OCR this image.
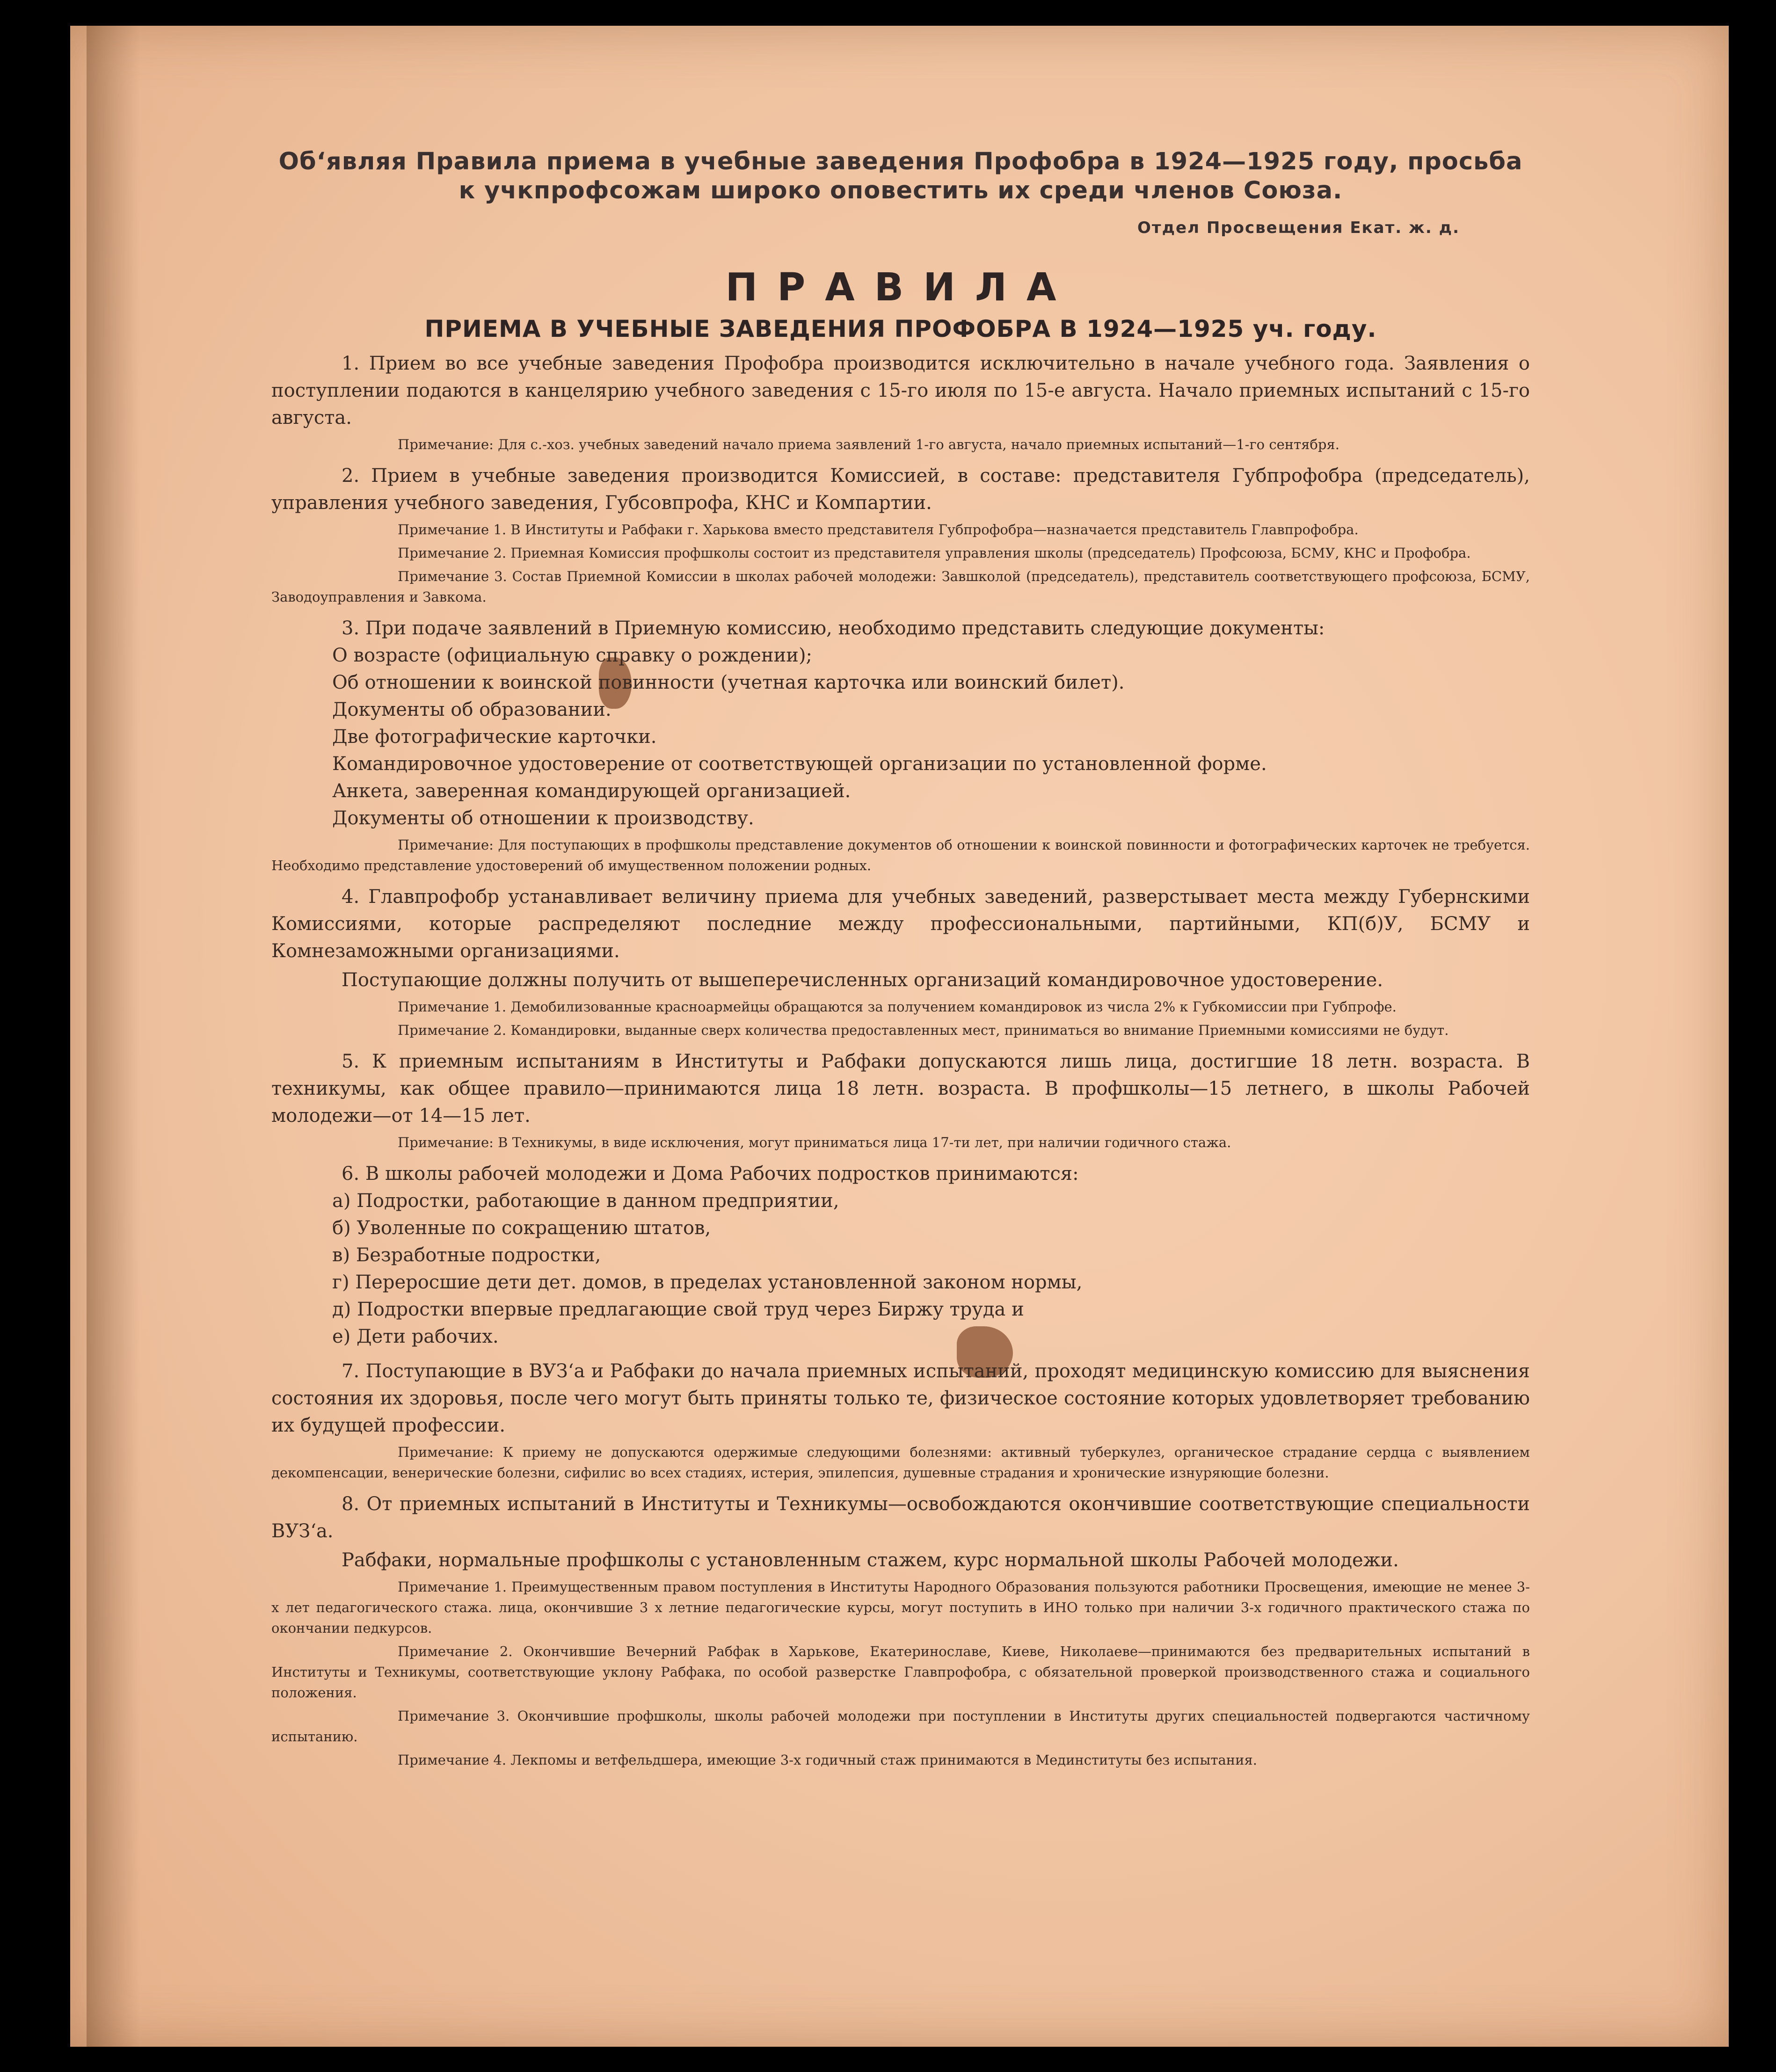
Об‘являя Правила приема в учебные заведения Профобра в 1924—1925 году, просьба к учкпрофсожам широко оповестить их среди членов Союза.
Отдел Просвещения Екат. ж. д.
ПРАВИЛА
ПРИЕМА В УЧЕБНЫЕ ЗАВЕДЕНИЯ ПРОФОБРА В 1924—1925 уч. году.
1. Прием во все учебные заведения Профобра производится исключительно в начале учебного года. Заявления о поступлении подаются в канцелярию учебного заведения с 15-го июля по 15-е августа. Начало приемных испытаний с 15-го августа.
Примечание: Для с.-хоз. учебных заведений начало приема заявлений 1-го августа, начало приемных испытаний—1-го сентября.
2. Прием в учебные заведения производится Комиссией, в составе: представителя Губпрофобра (председатель), управления учебного заведения, Губсовпрофа, КНС и Компартии.
Примечание 1. В Институты и Рабфаки г. Харькова вместо представителя Губпрофобра—назначается представитель Главпрофобра.
Примечание 2. Приемная Комиссия профшколы состоит из представителя управления школы (председатель) Профсоюза, БСМУ, КНС и Профобра.
Примечание 3. Состав Приемной Комиссии в школах рабочей молодежи: Завшколой (председатель), представитель соответствующего профсоюза, БСМУ, Заводоуправления и Завкома.
3. При подаче заявлений в Приемную комиссию, необходимо представить следующие документы:
О возрасте (официальную справку о рождении);
Об отношении к воинской повинности (учетная карточка или воинский билет).
Документы об образовании.
Две фотографические карточки.
Командировочное удостоверение от соответствующей организации по установленной форме.
Анкета, заверенная командирующей организацией.
Документы об отношении к производству.
Примечание: Для поступающих в профшколы представление документов об отношении к воинской повинности и фотографических карточек не требуется. Необходимо представление удостоверений об имущественном положении родных.
4. Главпрофобр устанавливает величину приема для учебных заведений, разверстывает места между Губернскими Комиссиями, которые распределяют последние между профессиональными, партийными, КП(б)У, БСМУ и Комнезаможными организациями.
Поступающие должны получить от вышеперечисленных организаций командировочное удостоверение.
Примечание 1. Демобилизованные красноармейцы обращаются за получением командировок из числа 2% к Губкомиссии при Губпрофе.
Примечание 2. Командировки, выданные сверх количества предоставленных мест, приниматься во внимание Приемными комиссиями не будут.
5. К приемным испытаниям в Институты и Рабфаки допускаются лишь лица, достигшие 18 летн. возраста. В техникумы, как общее правило—принимаются лица 18 летн. возраста. В профшколы—15 летнего, в школы Рабочей молодежи—от 14—15 лет.
Примечание: В Техникумы, в виде исключения, могут приниматься лица 17-ти лет, при наличии годичного стажа.
6. В школы рабочей молодежи и Дома Рабочих подростков принимаются:
а) Подростки, работающие в данном предприятии,
б) Уволенные по сокращению штатов,
в) Безработные подростки,
г) Переросшие дети дет. домов, в пределах установленной законом нормы,
д) Подростки впервые предлагающие свой труд через Биржу труда и
е) Дети рабочих.
7. Поступающие в ВУЗ‘а и Рабфаки до начала приемных испытаний, проходят медицинскую комиссию для выяснения состояния их здоровья, после чего могут быть приняты только те, физическое состояние которых удовлетворяет требованию их будущей профессии.
Примечание: К приему не допускаются одержимые следующими болезнями: активный туберкулез, органическое страдание сердца с выявлением декомпенсации, венерические болезни, сифилис во всех стадиях, истерия, эпилепсия, душевные страдания и хронические изнуряющие болезни.
8. От приемных испытаний в Институты и Техникумы—освобождаются окончившие соответствующие специальности ВУЗ‘а.
Рабфаки, нормальные профшколы с установленным стажем, курс нормальной школы Рабочей молодежи.
Примечание 1. Преимущественным правом поступления в Институты Народного Образования пользуются работники Просвещения, имеющие не менее 3-х лет педагогического стажа. лица, окончившие 3 х летние педагогические курсы, могут поступить в ИНО только при наличии 3-х годичного практического стажа по окончании педкурсов.
Примечание 2. Окончившие Вечерний Рабфак в Харькове, Екатеринославе, Киеве, Николаеве—принимаются без предварительных испытаний в Институты и Техникумы, соответствующие уклону Рабфака, по особой разверстке Главпрофобра, с обязательной проверкой производственного стажа и социального положения.
Примечание 3. Окончившие профшколы, школы рабочей молодежи при поступлении в Институты других специальностей подвергаются частичному испытанию.
Примечание 4. Лекпомы и ветфельдшера, имеющие 3-х годичный стаж принимаются в Мединституты без испытания.
